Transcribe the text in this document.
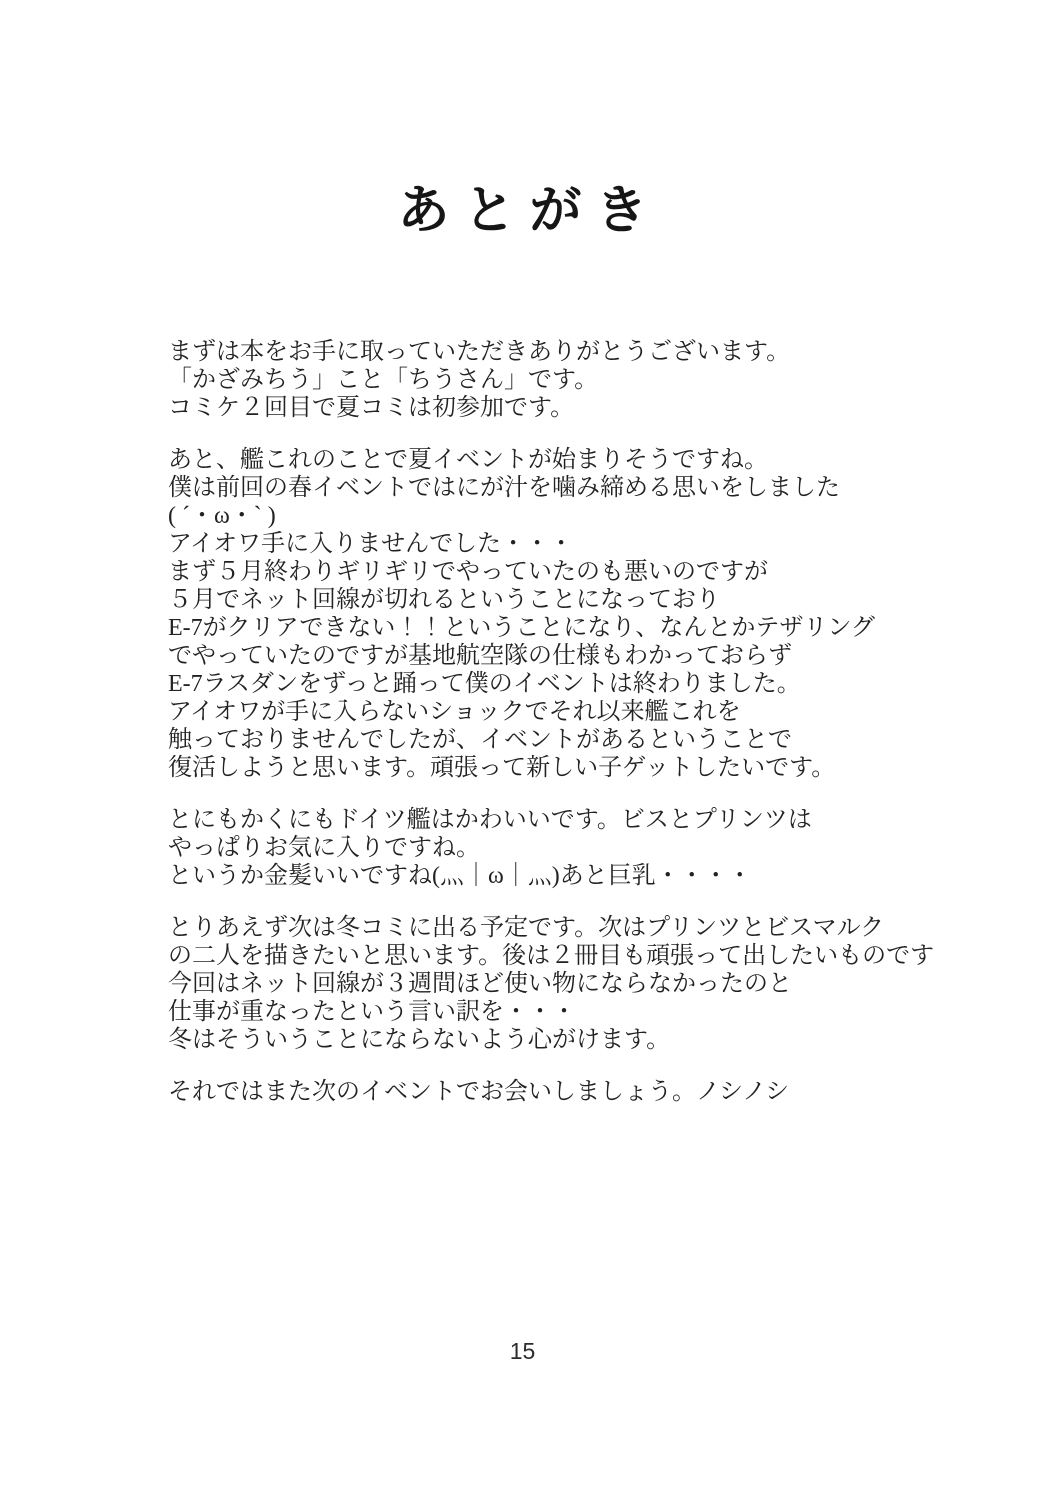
あとがき
まずは本をお手に取っていただきありがとうございます。
「かざみちう」こと「ちうさん」です。
コミケ２回目で夏コミは初参加です。
あと、艦これのことで夏イベントが始まりそうですね。
僕は前回の春イベントではにが汁を噛み締める思いをしました
( ´・ω・` )
アイオワ手に入りませんでした・・・
まず５月終わりギリギリでやっていたのも悪いのですが
５月でネット回線が切れるということになっており
E-7がクリアできない！！ということになり、なんとかテザリング
でやっていたのですが基地航空隊の仕様もわかっておらず
E-7ラスダンをずっと踊って僕のイベントは終わりました。
アイオワが手に入らないショックでそれ以来艦これを
触っておりませんでしたが、イベントがあるということで
復活しようと思います。頑張って新しい子ゲットしたいです。
とにもかくにもドイツ艦はかわいいです。ビスとプリンツは
やっぱりお気に入りですね。
というか金髪いいですね(灬｜ω｜灬)あと巨乳・・・・
とりあえず次は冬コミに出る予定です。次はプリンツとビスマルク
の二人を描きたいと思います。後は２冊目も頑張って出したいものです
今回はネット回線が３週間ほど使い物にならなかったのと
仕事が重なったという言い訳を・・・
冬はそういうことにならないよう心がけます。
それではまた次のイベントでお会いしましょう。ノシノシ
15
